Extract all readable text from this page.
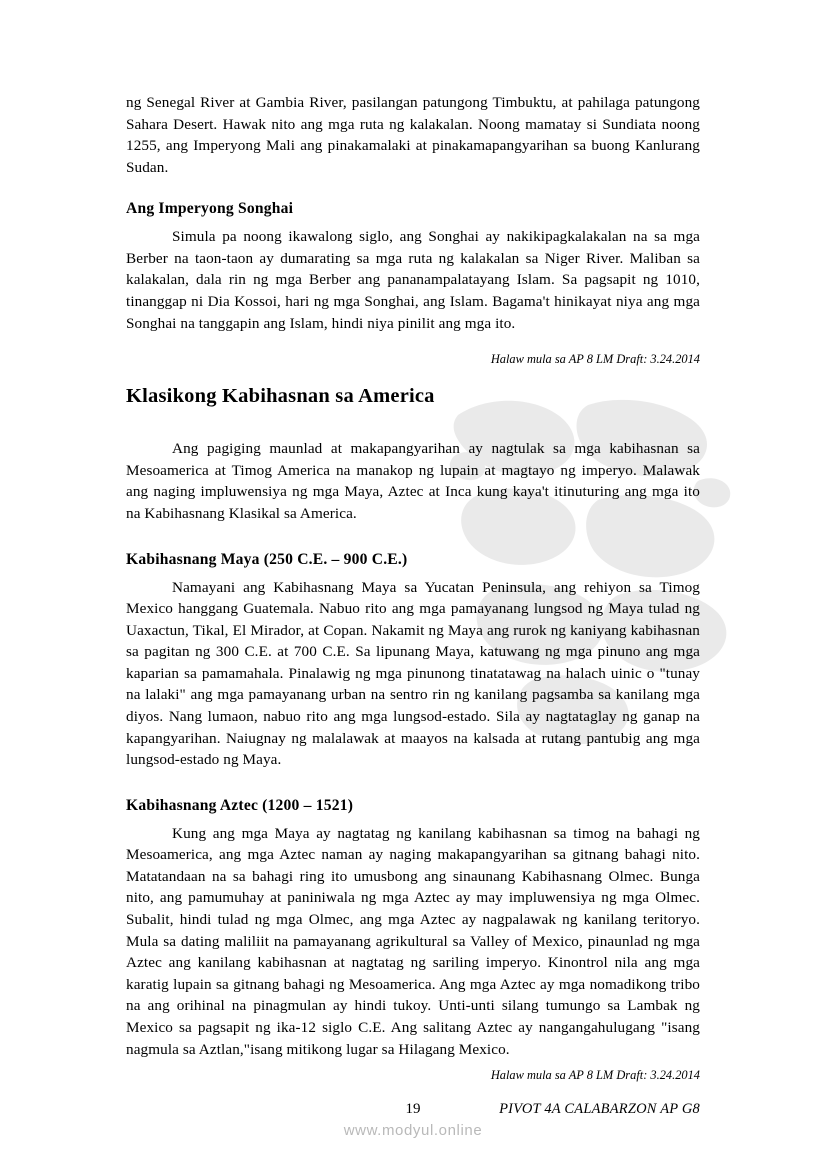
ng Senegal River at Gambia River, pasilangan patungong Timbuktu, at pahilaga patungong Sahara Desert. Hawak nito ang mga ruta ng kalakalan. Noong mamatay si Sundiata noong 1255, ang Imperyong Mali ang pinakamalaki at pinakamapangyarihan sa buong Kanlurang Sudan.

Ang Imperyong Songhai

Simula pa noong ikawalong siglo, ang Songhai ay nakikipagkalakalan na sa mga Berber na taon-taon ay dumarating sa mga ruta ng kalakalan sa Niger River. Maliban sa kalakalan, dala rin ng mga Berber ang pananampalatayang Islam. Sa pagsapit ng 1010, tinanggap ni Dia Kossoi, hari ng mga Songhai, ang Islam. Bagama't hinikayat niya ang mga Songhai na tanggapin ang Islam, hindi niya pinilit ang mga ito.

Halaw mula sa AP 8 LM Draft: 3.24.2014

Klasikong Kabihasnan sa America

Ang pagiging maunlad at makapangyarihan ay nagtulak sa mga kabihasnan sa Mesoamerica at Timog America na manakop ng lupain at magtayo ng imperyo. Malawak ang naging impluwensiya ng mga Maya, Aztec at Inca kung kaya't itinuturing ang mga ito na Kabihasnang Klasikal sa America.

Kabihasnang Maya (250 C.E. – 900 C.E.)

Namayani ang Kabihasnang Maya sa Yucatan Peninsula, ang rehiyon sa Timog Mexico hanggang Guatemala. Nabuo rito ang mga pamayanang lungsod ng Maya tulad ng Uaxactun, Tikal, El Mirador, at Copan. Nakamit ng Maya ang rurok ng kaniyang kabihasnan sa pagitan ng 300 C.E. at 700 C.E. Sa lipunang Maya, katuwang ng mga pinuno ang mga kaparian sa pamamahala. Pinalawig ng mga pinunong tinatatawag na halach uinic o "tunay na lalaki" ang mga pamayanang urban na sentro rin ng kanilang pagsamba sa kanilang mga diyos. Nang lumaon, nabuo rito ang mga lungsod-estado. Sila ay nagtataglay ng ganap na kapangyarihan. Naiugnay ng malalawak at maayos na kalsada at rutang pantubig ang mga lungsod-estado ng Maya.

Kabihasnang Aztec (1200 – 1521)

Kung ang mga Maya ay nagtatag ng kanilang kabihasnan sa timog na bahagi ng Mesoamerica, ang mga Aztec naman ay naging makapangyarihan sa gitnang bahagi nito. Matatandaan na sa bahagi ring ito umusbong ang sinaunang Kabihasnang Olmec. Bunga nito, ang pamumuhay at paniniwala ng mga Aztec ay may impluwensiya ng mga Olmec. Subalit, hindi tulad ng mga Olmec, ang mga Aztec ay nagpalawak ng kanilang teritoryo. Mula sa dating maliliit na pamayanang agrikultural sa Valley of Mexico, pinaunlad ng mga Aztec ang kanilang kabihasnan at nagtatag ng sariling imperyo. Kinontrol nila ang mga karatig lupain sa gitnang bahagi ng Mesoamerica. Ang mga Aztec ay mga nomadikong tribo na ang orihinal na pinagmulan ay hindi tukoy. Unti-unti silang tumungo sa Lambak ng Mexico sa pagsapit ng ika-12 siglo C.E. Ang salitang Aztec ay nangangahulugang "isang nagmula sa Aztlan,"isang mitikong lugar sa Hilagang Mexico.

Halaw mula sa AP 8 LM Draft: 3.24.2014

19	PIVOT 4A CALABARZON AP G8
www.modyul.online
